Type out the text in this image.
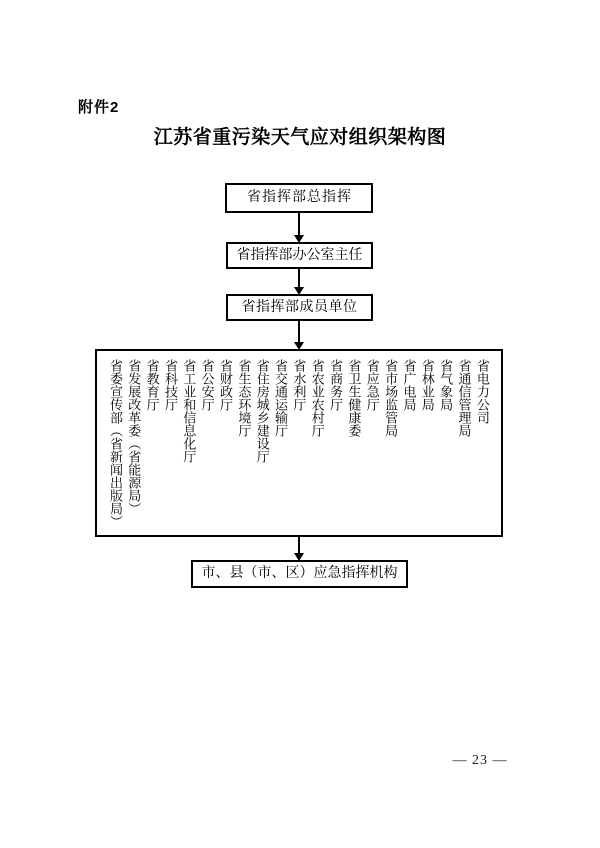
附件2
江苏省重污染天气应对组织架构图
省指挥部总指挥
省指挥部办公室主任
省指挥部成员单位
省委宣传部（省新闻出版局） 省发展改革委（省能源局） 省教育厅 省科技厅 省工业和信息化厅 省公安厅 省财政厅 省生态环境厅 省住房城乡建设厅 省交通运输厅 省水利厅 省农业农村厅 省商务厅 省卫生健康委 省应急厅 省市场监管局 省广电局 省林业局 省气象局 省通信管理局 省电力公司
市、县（市、区）应急指挥机构
— 23 —
